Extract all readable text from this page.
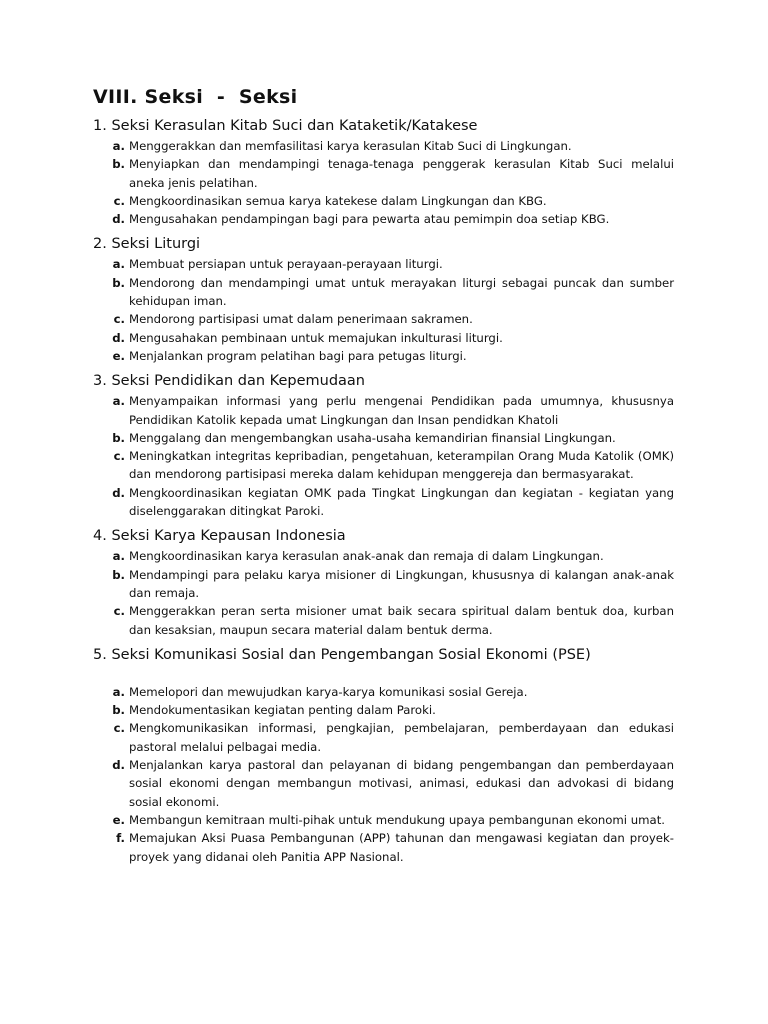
VIII. Seksi  -  Seksi
1. Seksi Kerasulan Kitab Suci dan Kataketik/Katakese
a. Menggerakkan dan memfasilitasi karya kerasulan Kitab Suci di Lingkungan.
b. Menyiapkan dan mendampingi tenaga-tenaga penggerak kerasulan Kitab Suci melalui aneka jenis pelatihan.
c. Mengkoordinasikan semua karya katekese dalam Lingkungan dan KBG.
d. Mengusahakan pendampingan bagi para pewarta atau pemimpin doa setiap KBG.
2. Seksi Liturgi
a. Membuat persiapan untuk perayaan-perayaan liturgi.
b. Mendorong dan mendampingi umat untuk merayakan liturgi sebagai puncak dan sumber kehidupan iman.
c. Mendorong partisipasi umat dalam penerimaan sakramen.
d. Mengusahakan pembinaan untuk memajukan inkulturasi liturgi.
e. Menjalankan program pelatihan bagi para petugas liturgi.
3. Seksi Pendidikan dan Kepemudaan
a. Menyampaikan informasi yang perlu mengenai Pendidikan pada umumnya, khususnya Pendidikan Katolik kepada umat Lingkungan dan Insan pendidkan Khatoli
b. Menggalang dan mengembangkan usaha-usaha kemandirian finansial Lingkungan.
c. Meningkatkan integritas kepribadian, pengetahuan, keterampilan Orang Muda Katolik (OMK) dan mendorong partisipasi mereka dalam kehidupan menggereja dan bermasyarakat.
d. Mengkoordinasikan kegiatan OMK pada Tingkat Lingkungan dan kegiatan - kegiatan yang diselenggarakan ditingkat Paroki.
4. Seksi Karya Kepausan Indonesia
a. Mengkoordinasikan karya kerasulan anak-anak dan remaja di dalam Lingkungan.
b. Mendampingi para pelaku karya misioner di Lingkungan, khususnya di kalangan anak-anak dan remaja.
c. Menggerakkan peran serta misioner umat baik secara spiritual dalam bentuk doa, kurban dan kesaksian, maupun secara material dalam bentuk derma.
5. Seksi Komunikasi Sosial dan Pengembangan Sosial Ekonomi (PSE)
a. Memelopori dan mewujudkan karya-karya komunikasi sosial Gereja.
b. Mendokumentasikan kegiatan penting dalam Paroki.
c. Mengkomunikasikan informasi, pengkajian, pembelajaran, pemberdayaan dan edukasi pastoral melalui pelbagai media.
d. Menjalankan karya pastoral dan pelayanan di bidang pengembangan dan pemberdayaan sosial ekonomi dengan membangun motivasi, animasi, edukasi dan advokasi di bidang sosial ekonomi.
e. Membangun kemitraan multi-pihak untuk mendukung upaya pembangunan ekonomi umat.
f. Memajukan Aksi Puasa Pembangunan (APP) tahunan dan mengawasi kegiatan dan proyek-proyek yang didanai oleh Panitia APP Nasional.
